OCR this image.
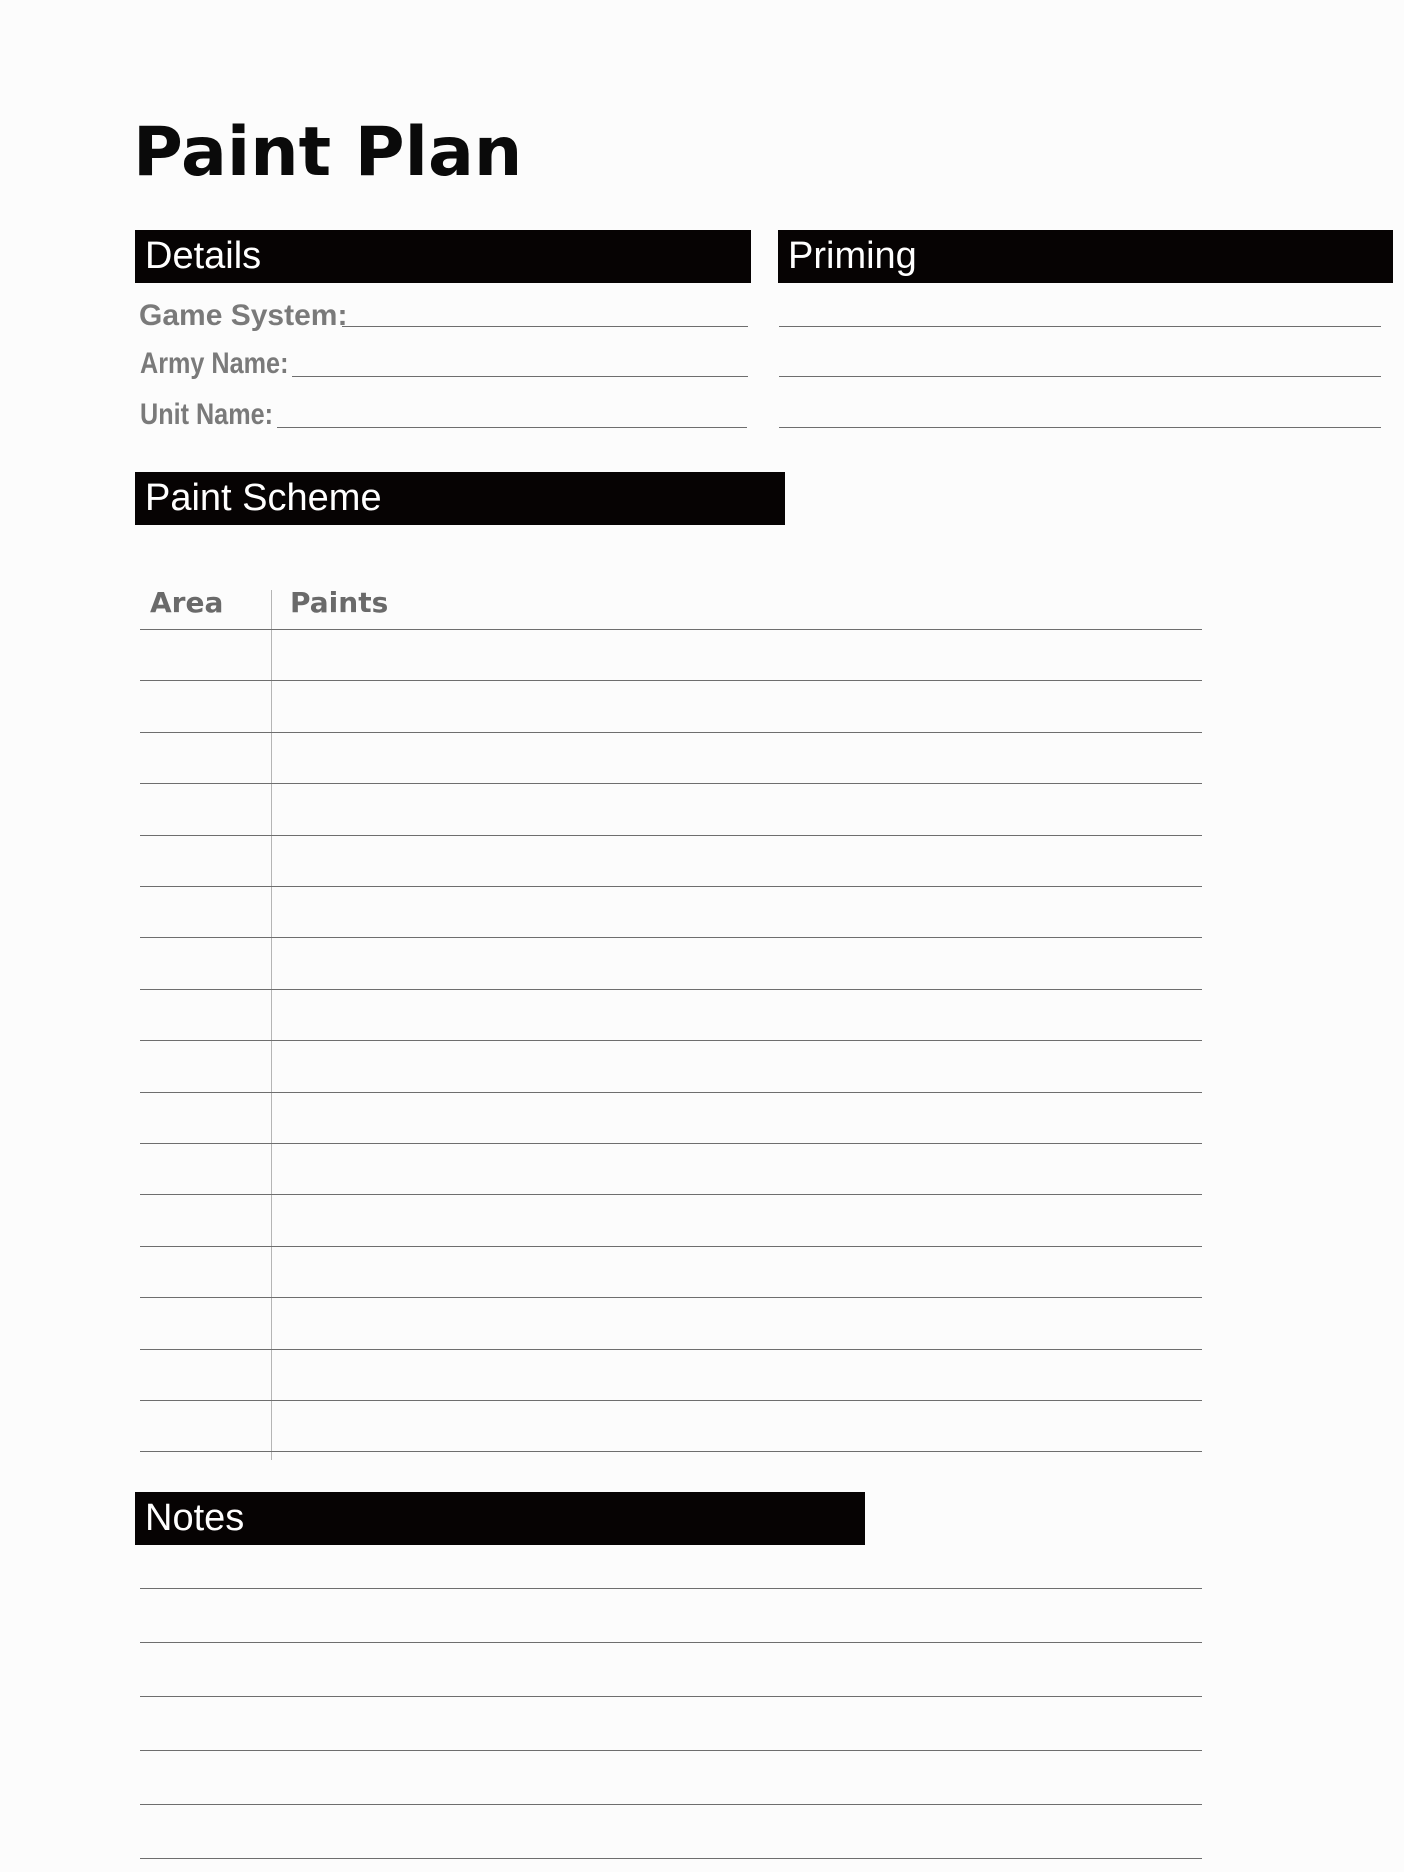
Paint Plan
Details
Game System:
Army Name:
Unit Name:
Priming
Paint Scheme
Area Paints
Notes
